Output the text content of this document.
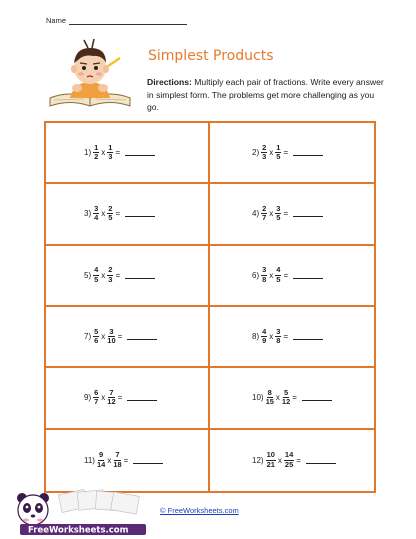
Name
Simplest Products
Directions: Multiply each pair of fractions. Write every answer in simplest form. The problems get more challenging as you go.
$1) \frac{1}{2}$ x $\frac{1}{3}$ =	$2) \frac{2}{3}$ x $\frac{1}{5}$ =
$3) \frac{3}{4}$ x $\frac{2}{5}$ =	$4) \frac{2}{7}$ x $\frac{3}{5}$ =
$5) \frac{4}{5}$ x $\frac{2}{3}$ =	$6) \frac{3}{8}$ x $\frac{4}{5}$ =
$7) \frac{5}{6}$ x $\frac{3}{10}$ =	$8) \frac{4}{9}$ x $\frac{3}{8}$ =
$9) \frac{6}{7}$ x $\frac{7}{12}$ =	$10) \frac{8}{15}$ x $\frac{5}{12}$ =
$11) \frac{9}{14}$ x $\frac{7}{18}$ =	$12) \frac{10}{21}$ x $\frac{14}{25}$ =
FreeWorksheets.com
© FreeWorksheets.com
